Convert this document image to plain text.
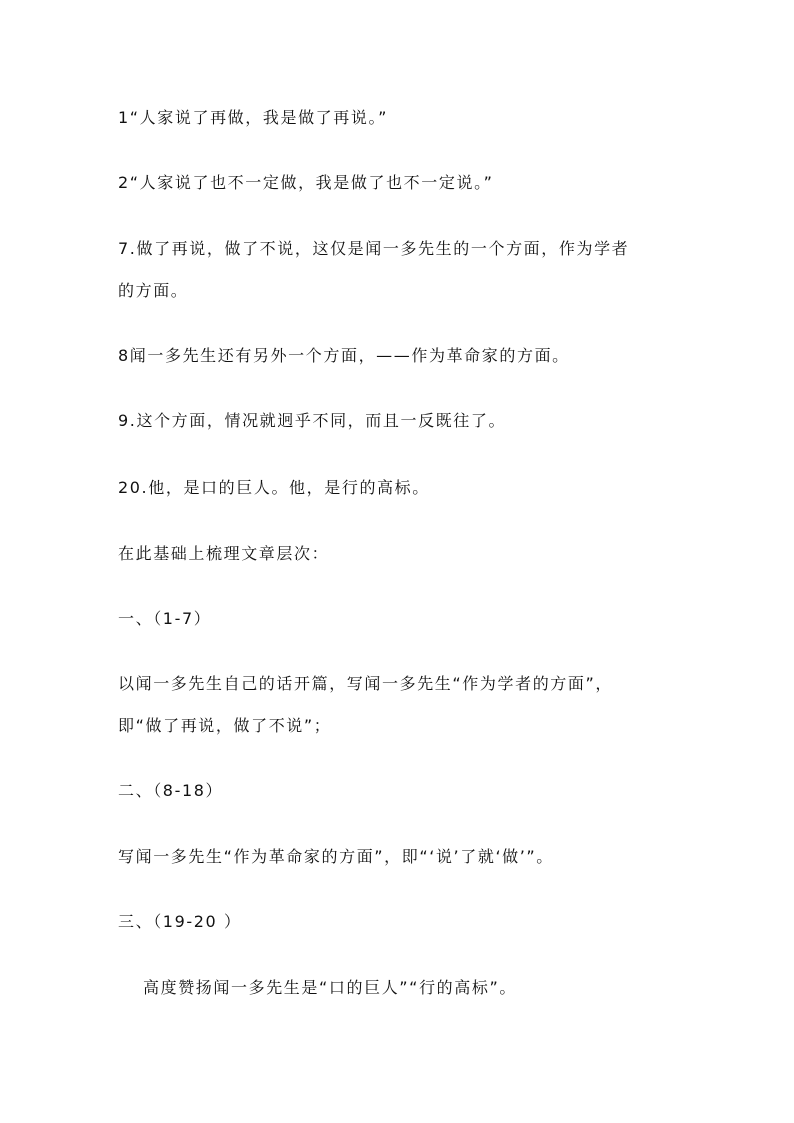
1“人家说了再做，我是做了再说。”
2“人家说了也不一定做，我是做了也不一定说。”
7.做了再说，做了不说，这仅是闻一多先生的一个方面，作为学者
的方面。
8闻一多先生还有另外一个方面，——作为革命家的方面。
9.这个方面，情况就迥乎不同，而且一反既往了。
20.他，是口的巨人。他，是行的高标。
在此基础上梳理文章层次：
一、（1-7）
以闻一多先生自己的话开篇，写闻一多先生“作为学者的方面”，
即“做了再说，做了不说”；
二、（8-18）
写闻一多先生“作为革命家的方面”，即“‘说’了就‘做’”。
三、（19-20 ）
高度赞扬闻一多先生是“口的巨人”“行的高标”。
